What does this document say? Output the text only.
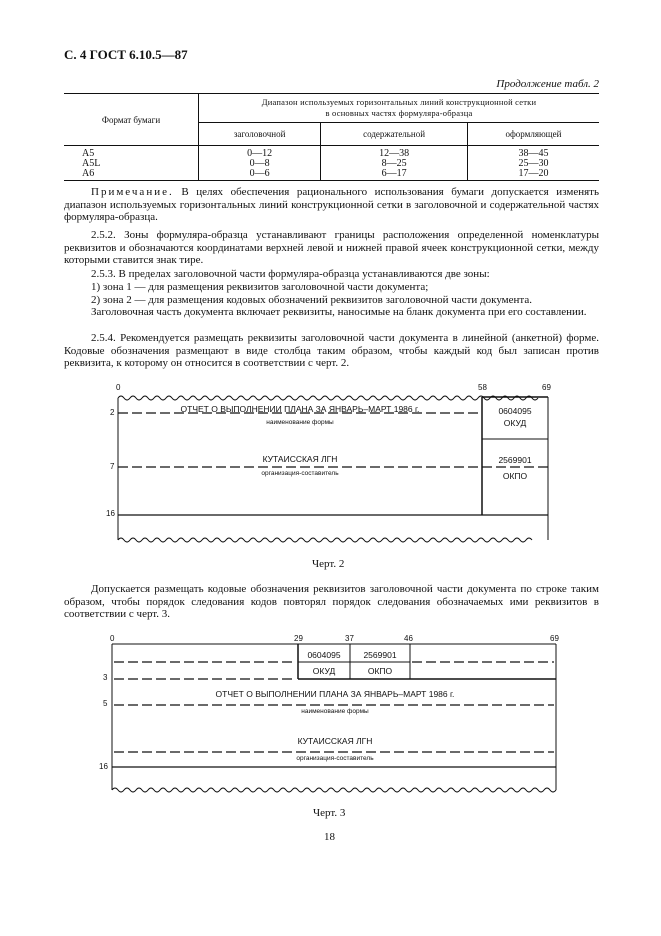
С. 4 ГОСТ 6.10.5—87
Продолжение табл. 2
Формат бумаги	Диапазон используемых горизонтальных линий конструкционной сетки
в основных частях формуляра-образца		
	заголовочной	содержательной	оформляющей
A5	0—12	12—38	38—45
A5L	0—8	8—25	25—30
A6	0—6	6—17	17—20
Примечание. В целях обеспечения рационального использования бумаги допускается изменять диапазон используемых горизонтальных линий конструкционной сетки в заголовочной и содержательной частях формуляра-образца.
2.5.2. Зоны формуляра-образца устанавливают границы расположения определенной номенклатуры реквизитов и обозначаются координатами верхней левой и нижней правой ячеек конструкционной сетки, между которыми ставится знак тире.
2.5.3. В пределах заголовочной части формуляра-образца устанавливаются две зоны:
1) зона 1 — для размещения реквизитов заголовочной части документа;
2) зона 2 — для размещения кодовых обозначений реквизитов заголовочной части документа.
Заголовочная часть документа включает реквизиты, наносимые на бланк документа при его составлении.
2.5.4. Рекомендуется размещать реквизиты заголовочной части документа в линейной (анкетной) форме. Кодовые обозначения размещают в виде столбца таким образом, чтобы каждый код был записан против реквизита, к которому он относится в соответствии с черт. 2.
0	58	69
2
7
16
ОТЧЕТ О ВЫПОЛНЕНИИ ПЛАНА ЗА ЯНВАРЬ–МАРТ 1986 г.
наименование формы
КУТАИССКАЯ ЛГН
организация-составитель
0604095
ОКУД
2569901
ОКПО
Черт. 2
Допускается размещать кодовые обозначения реквизитов заголовочной части документа по строке таким образом, чтобы порядок следования кодов повторял порядок следования обозначаемых ими реквизитов в соответствии с черт. 3.
0	29	37	46	69
3
5
16
0604095
ОКУД
2569901
ОКПО
ОТЧЕТ О ВЫПОЛНЕНИИ ПЛАНА ЗА ЯНВАРЬ–МАРТ 1986 г.
наименование формы
КУТАИССКАЯ ЛГН
организация-составитель
Черт. 3
18
